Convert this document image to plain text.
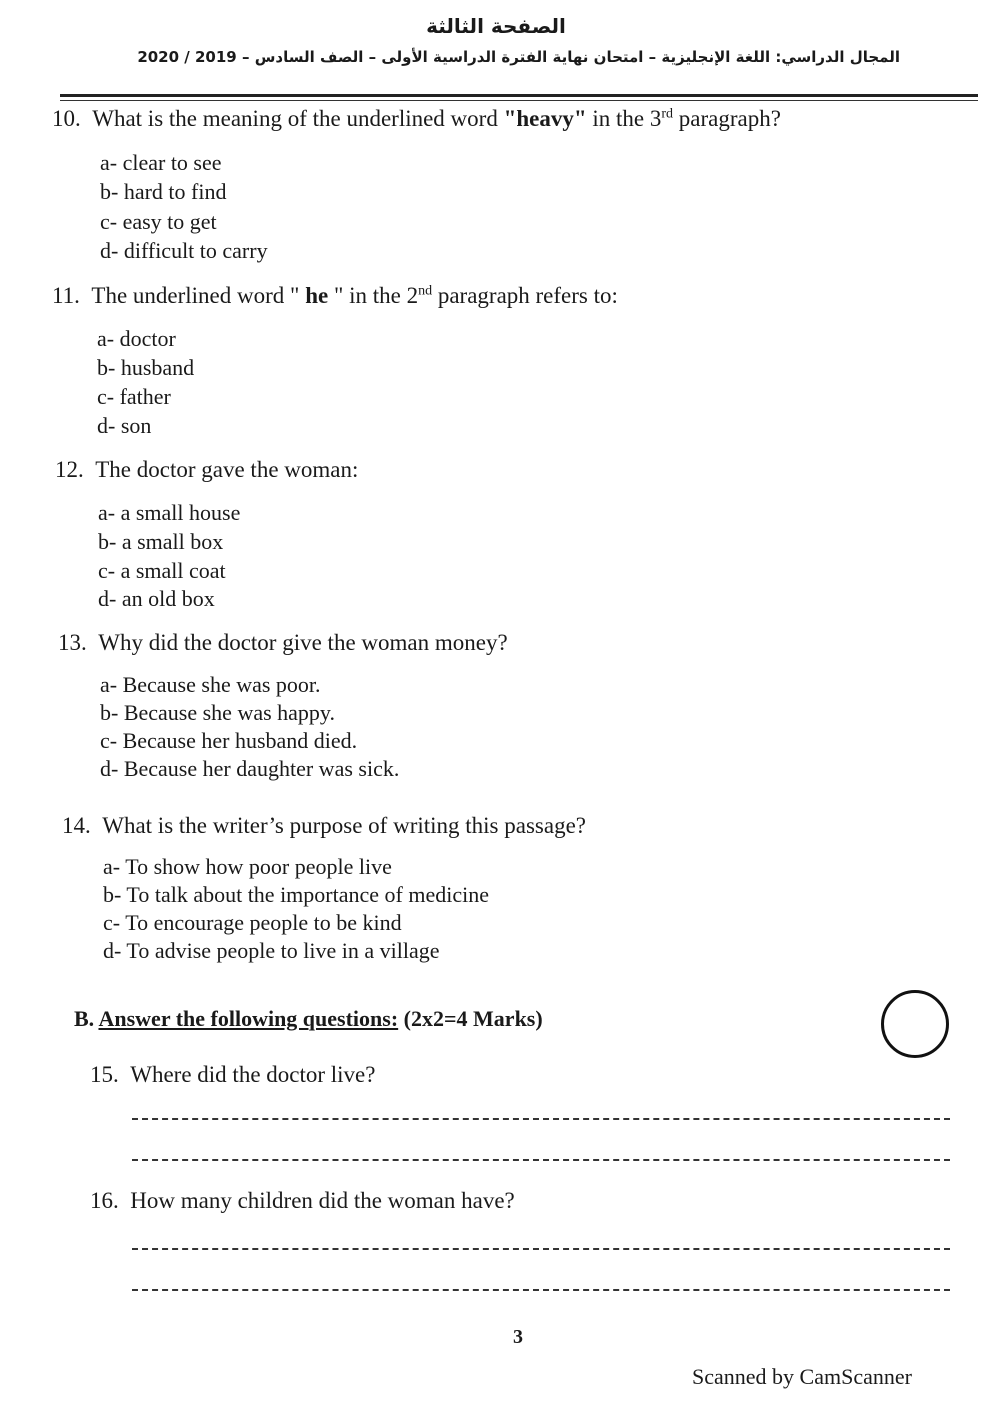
الصفحة الثالثة
المجال الدراسي: اللغة الإنجليزية – امتحان نهاية الفترة الدراسية الأولى – الصف السادس – 2019 / 2020
10. What is the meaning of the underlined word "heavy" in the 3rd paragraph?
a- clear to see
b- hard to find
c- easy to get
d- difficult to carry
11. The underlined word " he " in the 2nd paragraph refers to:
a- doctor
b- husband
c- father
d- son
12. The doctor gave the woman:
a- a small house
b- a small box
c- a small coat
d- an old box
13. Why did the doctor give the woman money?
a- Because she was poor.
b- Because she was happy.
c- Because her husband died.
d- Because her daughter was sick.
14. What is the writer’s purpose of writing this passage?
a- To show how poor people live
b- To talk about the importance of medicine
c- To encourage people to be kind
d- To advise people to live in a village
B. Answer the following questions: (2x2=4 Marks)
15. Where did the doctor live?
16. How many children did the woman have?
3
Scanned by CamScanner
